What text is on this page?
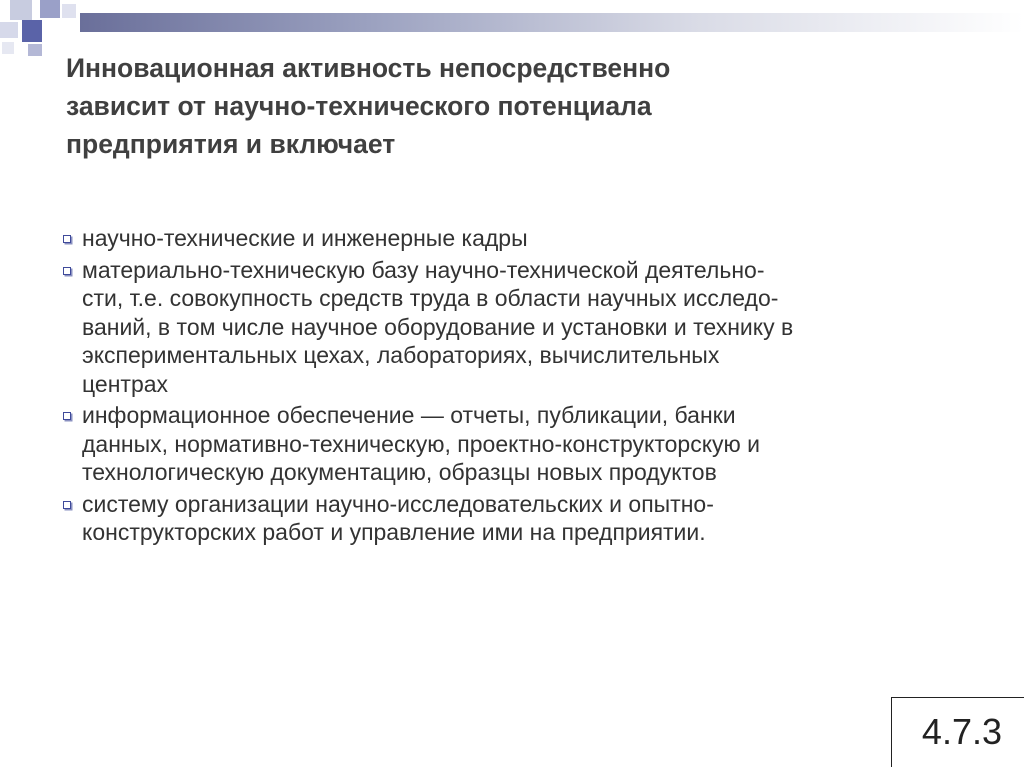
Инновационная активность непосредственно
зависит от научно-технического потенциала
предприятия и включает
научно-технические и инженерные кадры
материально-техническую базу научно-технической деятельно-
сти, т.е. совокупность средств труда в области научных исследо-
ваний, в том числе научное оборудование и установки и технику в
экспериментальных цехах, лабораториях, вычислительных
центрах
информационное обеспечение — отчеты, публикации, банки
данных, нормативно-техническую, проектно-конструкторскую и
технологическую документацию, образцы новых продуктов
систему организации научно-исследовательских и опытно-
конструкторских работ и управление ими на предприятии.
4.7.3
